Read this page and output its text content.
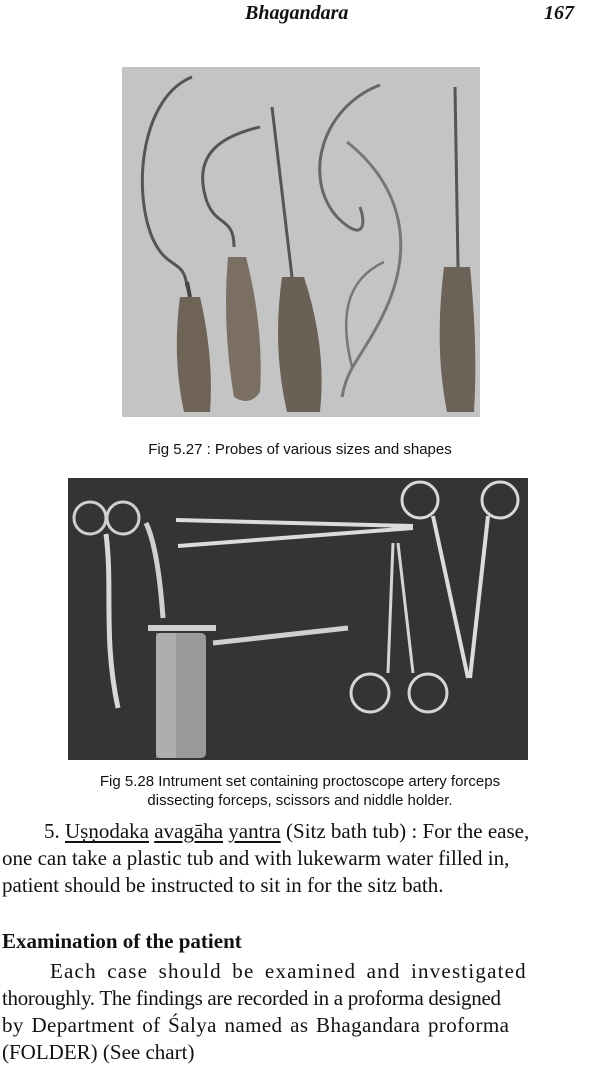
Bhagandara	167
Fig 5.27 : Probes of various sizes and shapes
Fig 5.28 Intrument set containing proctoscope artery forceps
dissecting forceps, scissors and niddle holder.
5. Uṣṇodaka avagāha yantra (Sitz bath tub) : For the ease,
one can take a plastic tub and with lukewarm water filled in,
patient should be instructed to sit in for the sitz bath.
Examination of the patient
Each case should be examined and investigated
thoroughly. The findings are recorded in a proforma designed
by Department of Śalya named as Bhagandara proforma
(FOLDER) (See chart)
